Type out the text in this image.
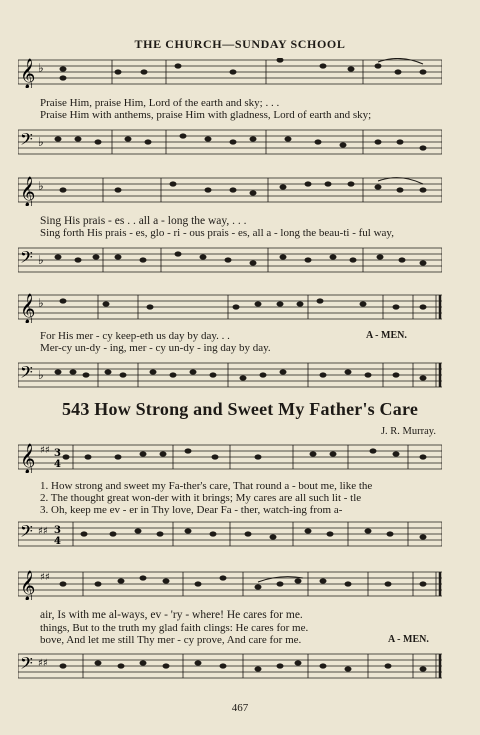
THE CHURCH—SUNDAY SCHOOL
𝄞 ♭
Praise Him, praise Him, Lord of the earth and sky; . . .
Praise Him with anthems, praise Him with gladness, Lord of earth and sky;
𝄢 ♭
𝄞 ♭
Sing His prais - es . . all a - long the way, . . .
Sing forth His prais - es, glo - ri - ous prais - es, all a - long the beau-ti - ful way,
𝄢 ♭
𝄞 ♭
For His mer - cy keep-eth us day by day. . .	A - MEN.
Mer-cy un-dy - ing, mer - cy un-dy - ing day by day.
𝄢 ♭
543 How Strong and Sweet My Father's Care
J. R. Murray.
𝄞 ♯♯ 3
4
1. How strong and sweet my Fa-ther's care, That round a - bout me, like the
2. The thought great won-der with it brings; My cares are all such lit - tle
3. Oh, keep me ev - er in Thy love, Dear Fa - ther, watch-ing from a-
𝄢 ♯♯ 3
4
𝄞 ♯♯
air, Is with me al-ways, ev - 'ry - where! He cares for me.
things, But to the truth my glad faith clings: He cares for me.
bove, And let me still Thy mer - cy prove, And care for me.	A - MEN.
𝄢 ♯♯
467
